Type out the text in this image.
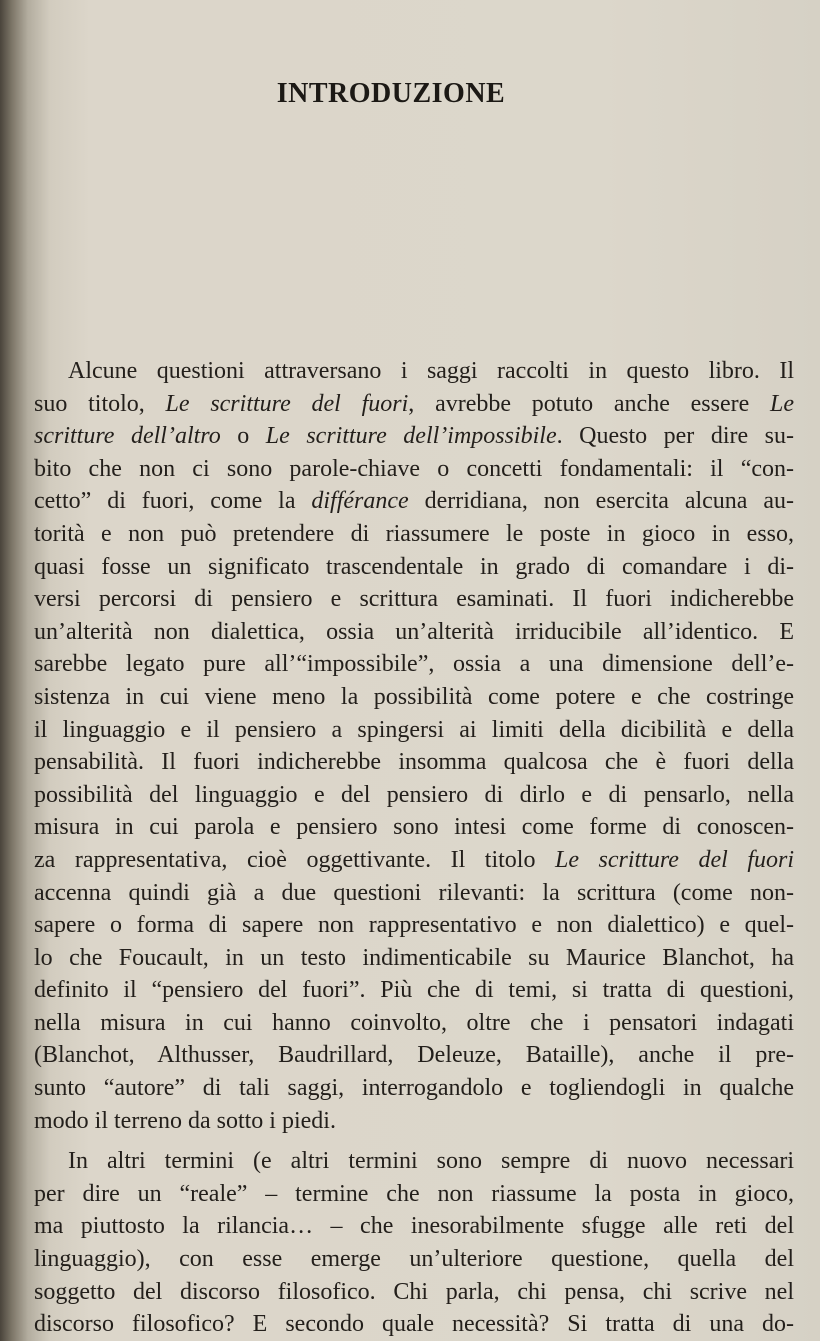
INTRODUZIONE
Alcune questioni attraversano i saggi raccolti in questo libro. Il
suo titolo, Le scritture del fuori, avrebbe potuto anche essere Le
scritture dell’altro o Le scritture dell’impossibile. Questo per dire su-
bito che non ci sono parole-chiave o concetti fondamentali: il “con-
cetto” di fuori, come la différance derridiana, non esercita alcuna au-
torità e non può pretendere di riassumere le poste in gioco in esso,
quasi fosse un significato trascendentale in grado di comandare i di-
versi percorsi di pensiero e scrittura esaminati. Il fuori indicherebbe
un’alterità non dialettica, ossia un’alterità irriducibile all’identico. E
sarebbe legato pure all’“impossibile”, ossia a una dimensione dell’e-
sistenza in cui viene meno la possibilità come potere e che costringe
il linguaggio e il pensiero a spingersi ai limiti della dicibilità e della
pensabilità. Il fuori indicherebbe insomma qualcosa che è fuori della
possibilità del linguaggio e del pensiero di dirlo e di pensarlo, nella
misura in cui parola e pensiero sono intesi come forme di conoscen-
za rappresentativa, cioè oggettivante. Il titolo Le scritture del fuori
accenna quindi già a due questioni rilevanti: la scrittura (come non-
sapere o forma di sapere non rappresentativo e non dialettico) e quel-
lo che Foucault, in un testo indimenticabile su Maurice Blanchot, ha
definito il “pensiero del fuori”. Più che di temi, si tratta di questioni,
nella misura in cui hanno coinvolto, oltre che i pensatori indagati
(Blanchot, Althusser, Baudrillard, Deleuze, Bataille), anche il pre-
sunto “autore” di tali saggi, interrogandolo e togliendogli in qualche
modo il terreno da sotto i piedi.
In altri termini (e altri termini sono sempre di nuovo necessari
per dire un “reale” – termine che non riassume la posta in gioco,
ma piuttosto la rilancia… – che inesorabilmente sfugge alle reti del
linguaggio), con esse emerge un’ulteriore questione, quella del
soggetto del discorso filosofico. Chi parla, chi pensa, chi scrive nel
discorso filosofico? E secondo quale necessità? Si tratta di una do-
